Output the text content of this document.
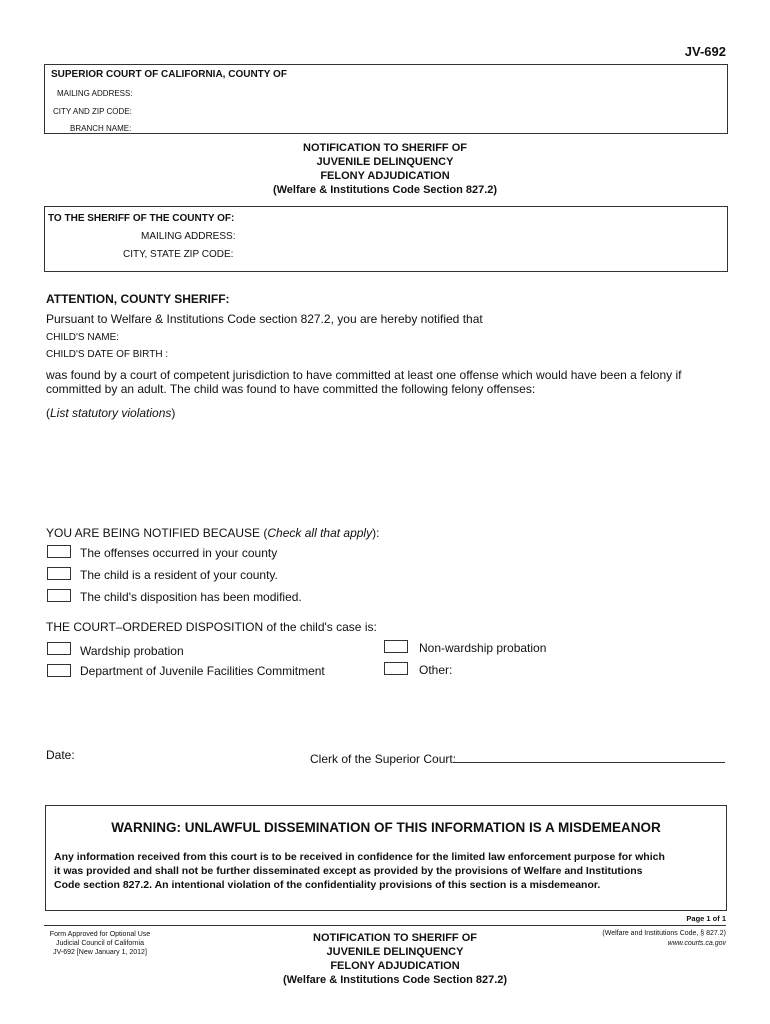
JV-692
SUPERIOR COURT OF CALIFORNIA, COUNTY OF
MAILING ADDRESS:
CITY AND ZIP CODE:
BRANCH NAME:
NOTIFICATION TO SHERIFF OF
JUVENILE DELINQUENCY
FELONY ADJUDICATION
(Welfare & Institutions Code Section 827.2)
TO THE SHERIFF OF THE COUNTY OF:
MAILING ADDRESS:
CITY, STATE ZIP CODE:
ATTENTION, COUNTY SHERIFF:
Pursuant to Welfare & Institutions Code section 827.2, you are hereby notified that
CHILD'S NAME:
CHILD'S DATE OF BIRTH :
was found by a court of competent jurisdiction to have committed at least one offense which would have been a felony if
committed by an adult. The child was found to have committed the following felony offenses:
(List statutory violations)
YOU ARE BEING NOTIFIED BECAUSE (Check all that apply):
The offenses occurred in your county
The child is a resident of your county.
The child's disposition has been modified.
THE COURT–ORDERED DISPOSITION of the child's case is:
Wardship probation	Non-wardship probation
Department of Juvenile Facilities Commitment	Other:
Date:	Clerk of the Superior Court:
WARNING: UNLAWFUL DISSEMINATION OF THIS INFORMATION IS A MISDEMEANOR
Any information received from this court is to be received in confidence for the limited law enforcement purpose for which
it was provided and shall not be further disseminated except as provided by the provisions of Welfare and Institutions
Code section 827.2. An intentional violation of the confidentiality provisions of this section is a misdemeanor.
Page 1 of 1
Form Approved for Optional Use
Judicial Council of California
JV-692 [New January 1, 2012]
NOTIFICATION TO SHERIFF OF
JUVENILE DELINQUENCY
FELONY ADJUDICATION
(Welfare & Institutions Code Section 827.2)
(Welfare and Institutions Code, § 827.2)
www.courts.ca.gov
